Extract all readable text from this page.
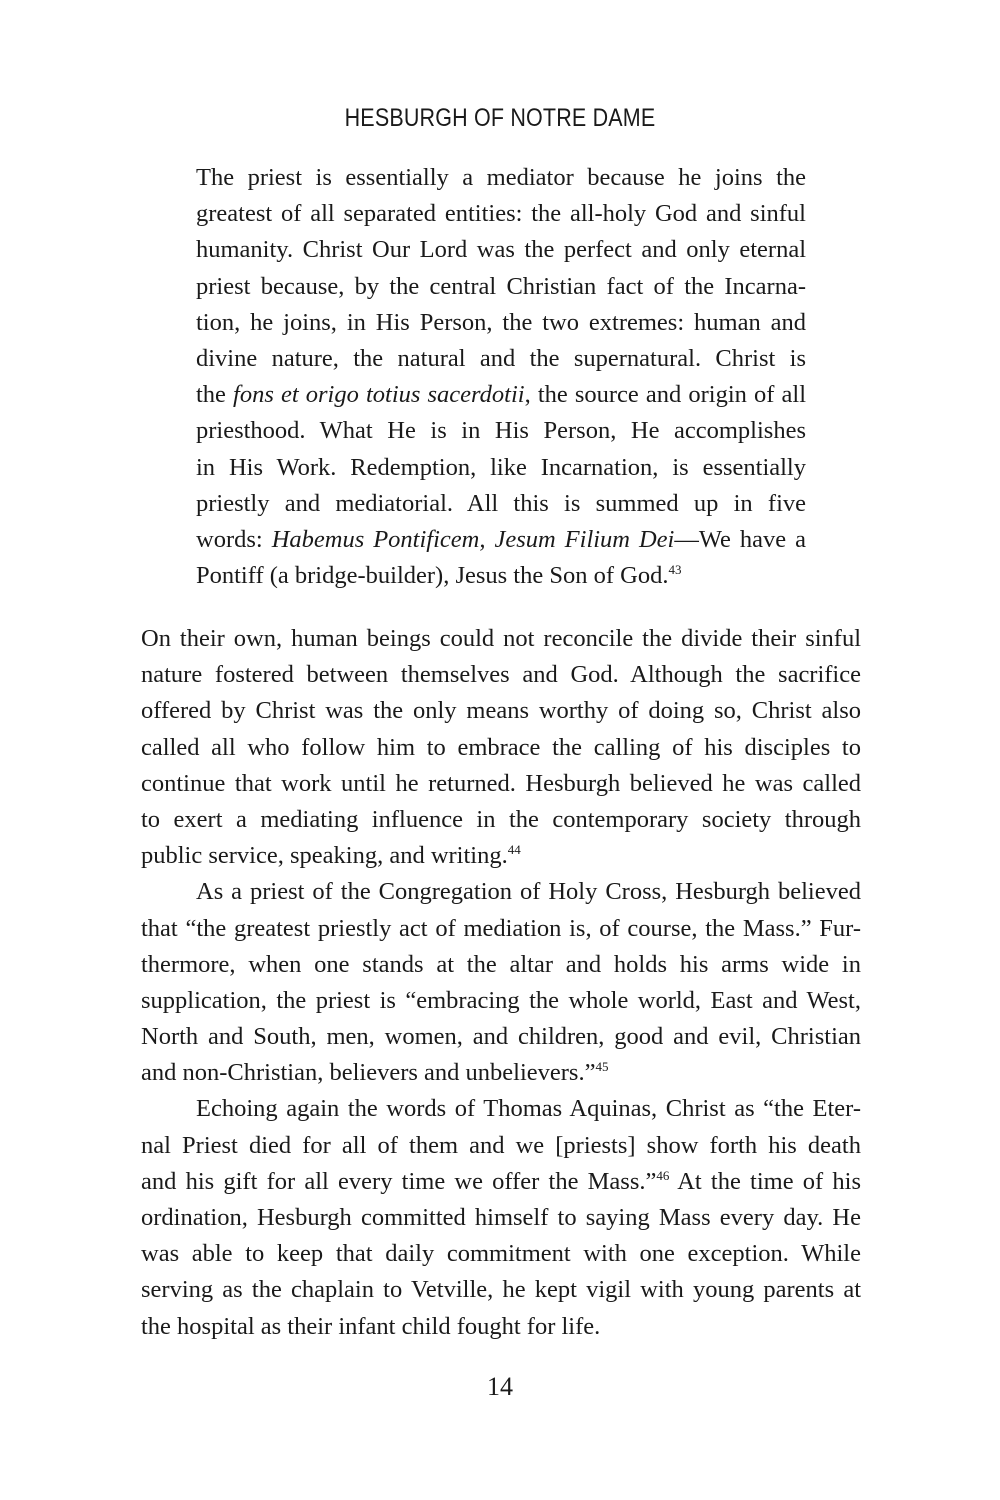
HESBURGH OF NOTRE DAME
The priest is essentially a mediator because he joins the
greatest of all separated entities: the all-holy God and sinful
humanity. Christ Our Lord was the perfect and only eternal
priest because, by the central Christian fact of the Incarna-
tion, he joins, in His Person, the two extremes: human and
divine nature, the natural and the supernatural. Christ is
the fons et origo totius sacerdotii, the source and origin of all
priesthood. What He is in His Person, He accomplishes
in His Work. Redemption, like Incarnation, is essentially
priestly and mediatorial. All this is summed up in five
words: Habemus Pontificem, Jesum Filium Dei—We have a
Pontiff (a bridge-builder), Jesus the Son of God.$^{43}$
On their own, human beings could not reconcile the divide their sinful
nature fostered between themselves and God. Although the sacrifice
offered by Christ was the only means worthy of doing so, Christ also
called all who follow him to embrace the calling of his disciples to
continue that work until he returned. Hesburgh believed he was called
to exert a mediating influence in the contemporary society through
public service, speaking, and writing.$^{44}$
As a priest of the Congregation of Holy Cross, Hesburgh believed
that “the greatest priestly act of mediation is, of course, the Mass.” Fur-
thermore, when one stands at the altar and holds his arms wide in
supplication, the priest is “embracing the whole world, East and West,
North and South, men, women, and children, good and evil, Christian
and non-Christian, believers and unbelievers.”$^{45}$
Echoing again the words of Thomas Aquinas, Christ as “the Eter-
nal Priest died for all of them and we [priests] show forth his death
and his gift for all every time we offer the Mass.”$^{46}$ At the time of his
ordination, Hesburgh committed himself to saying Mass every day. He
was able to keep that daily commitment with one exception. While
serving as the chaplain to Vetville, he kept vigil with young parents at
the hospital as their infant child fought for life.
14
